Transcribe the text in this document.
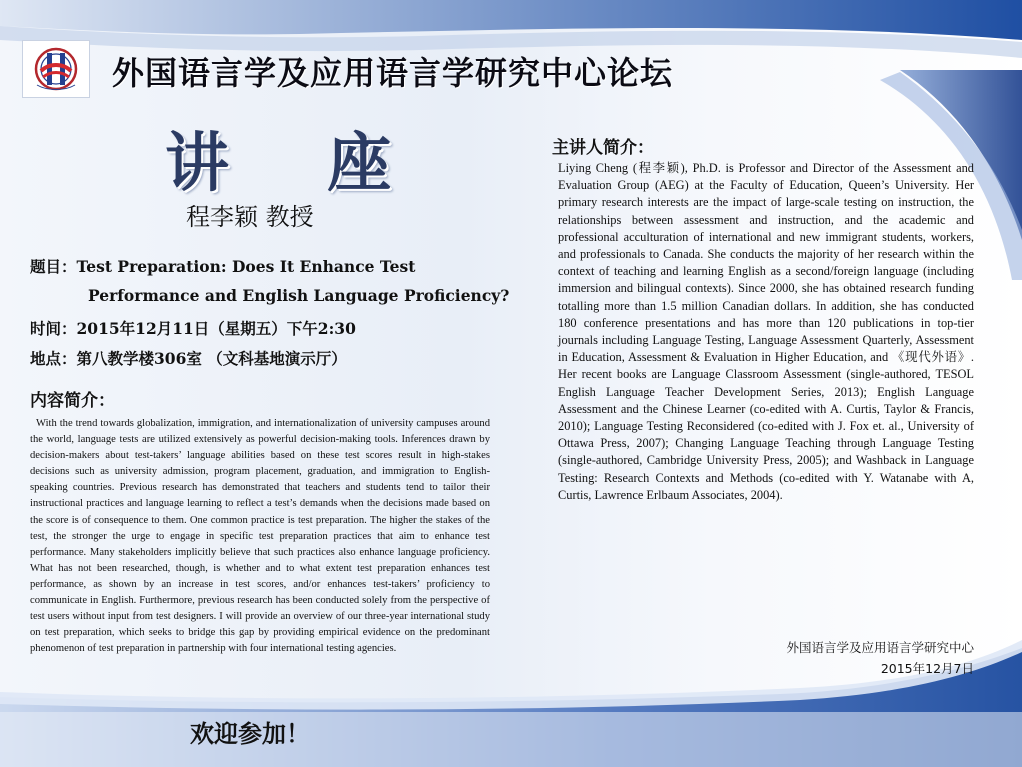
外国语言学及应用语言学研究中心论坛
讲 座
程李颖 教授
题目：Test Preparation: Does It Enhance Test
Performance and English Language Proficiency?
时间：2015年12月11日（星期五）下午2:30
地点：第八教学楼306室 （文科基地演示厅）
内容简介：

With the trend towards globalization, immigration, and internationalization of university campuses around the world, language tests are utilized extensively as powerful decision-making tools. Inferences drawn by decision-makers about test-takers’ language abilities based on these test scores result in high-stakes decisions such as university admission, program placement, graduation, and immigration to English-speaking countries. Previous research has demonstrated that teachers and students tend to tailor their instructional practices and language learning to reflect a test’s demands when the decisions made based on the score is of consequence to them. One common practice is test preparation. The higher the stakes of the test, the stronger the urge to engage in specific test preparation practices that aim to enhance test performance. Many stakeholders implicitly believe that such practices also enhance language proficiency. What has not been researched, though, is whether and to what extent test preparation enhances test performance, as shown by an increase in test scores, and/or enhances test-takers’ proficiency to communicate in English. Furthermore, previous research has been conducted solely from the perspective of test users without input from test designers. I will provide an overview of our three-year international study on test preparation, which seeks to bridge this gap by providing empirical evidence on the predominant phenomenon of test preparation in partnership with four international testing agencies.

主讲人简介：

Liying Cheng (程李颖), Ph.D. is Professor and Director of the Assessment and Evaluation Group (AEG) at the Faculty of Education, Queen’s University. Her primary research interests are the impact of large-scale testing on instruction, the relationships between assessment and instruction, and the academic and professional acculturation of international and new immigrant students, workers, and professionals to Canada. She conducts the majority of her research within the context of teaching and learning English as a second/foreign language (including immersion and bilingual contexts). Since 2000, she has obtained research funding totalling more than 1.5 million Canadian dollars. In addition, she has conducted 180 conference presentations and has more than 120 publications in top-tier journals including Language Testing, Language Assessment Quarterly, Assessment in Education, Assessment & Evaluation in Higher Education, and 《现代外语》. Her recent books are Language Classroom Assessment (single-authored, TESOL English Language Teacher Development Series, 2013); English Language Assessment and the Chinese Learner (co-edited with A. Curtis, Taylor & Francis, 2010); Language Testing Reconsidered (co-edited with J. Fox et. al., University of Ottawa Press, 2007); Changing Language Teaching through Language Testing (single-authored, Cambridge University Press, 2005); and Washback in Language Testing: Research Contexts and Methods (co-edited with Y. Watanabe with A, Curtis, Lawrence Erlbaum Associates, 2004).

外国语言学及应用语言学研究中心
2015年12月7日
欢迎参加！
